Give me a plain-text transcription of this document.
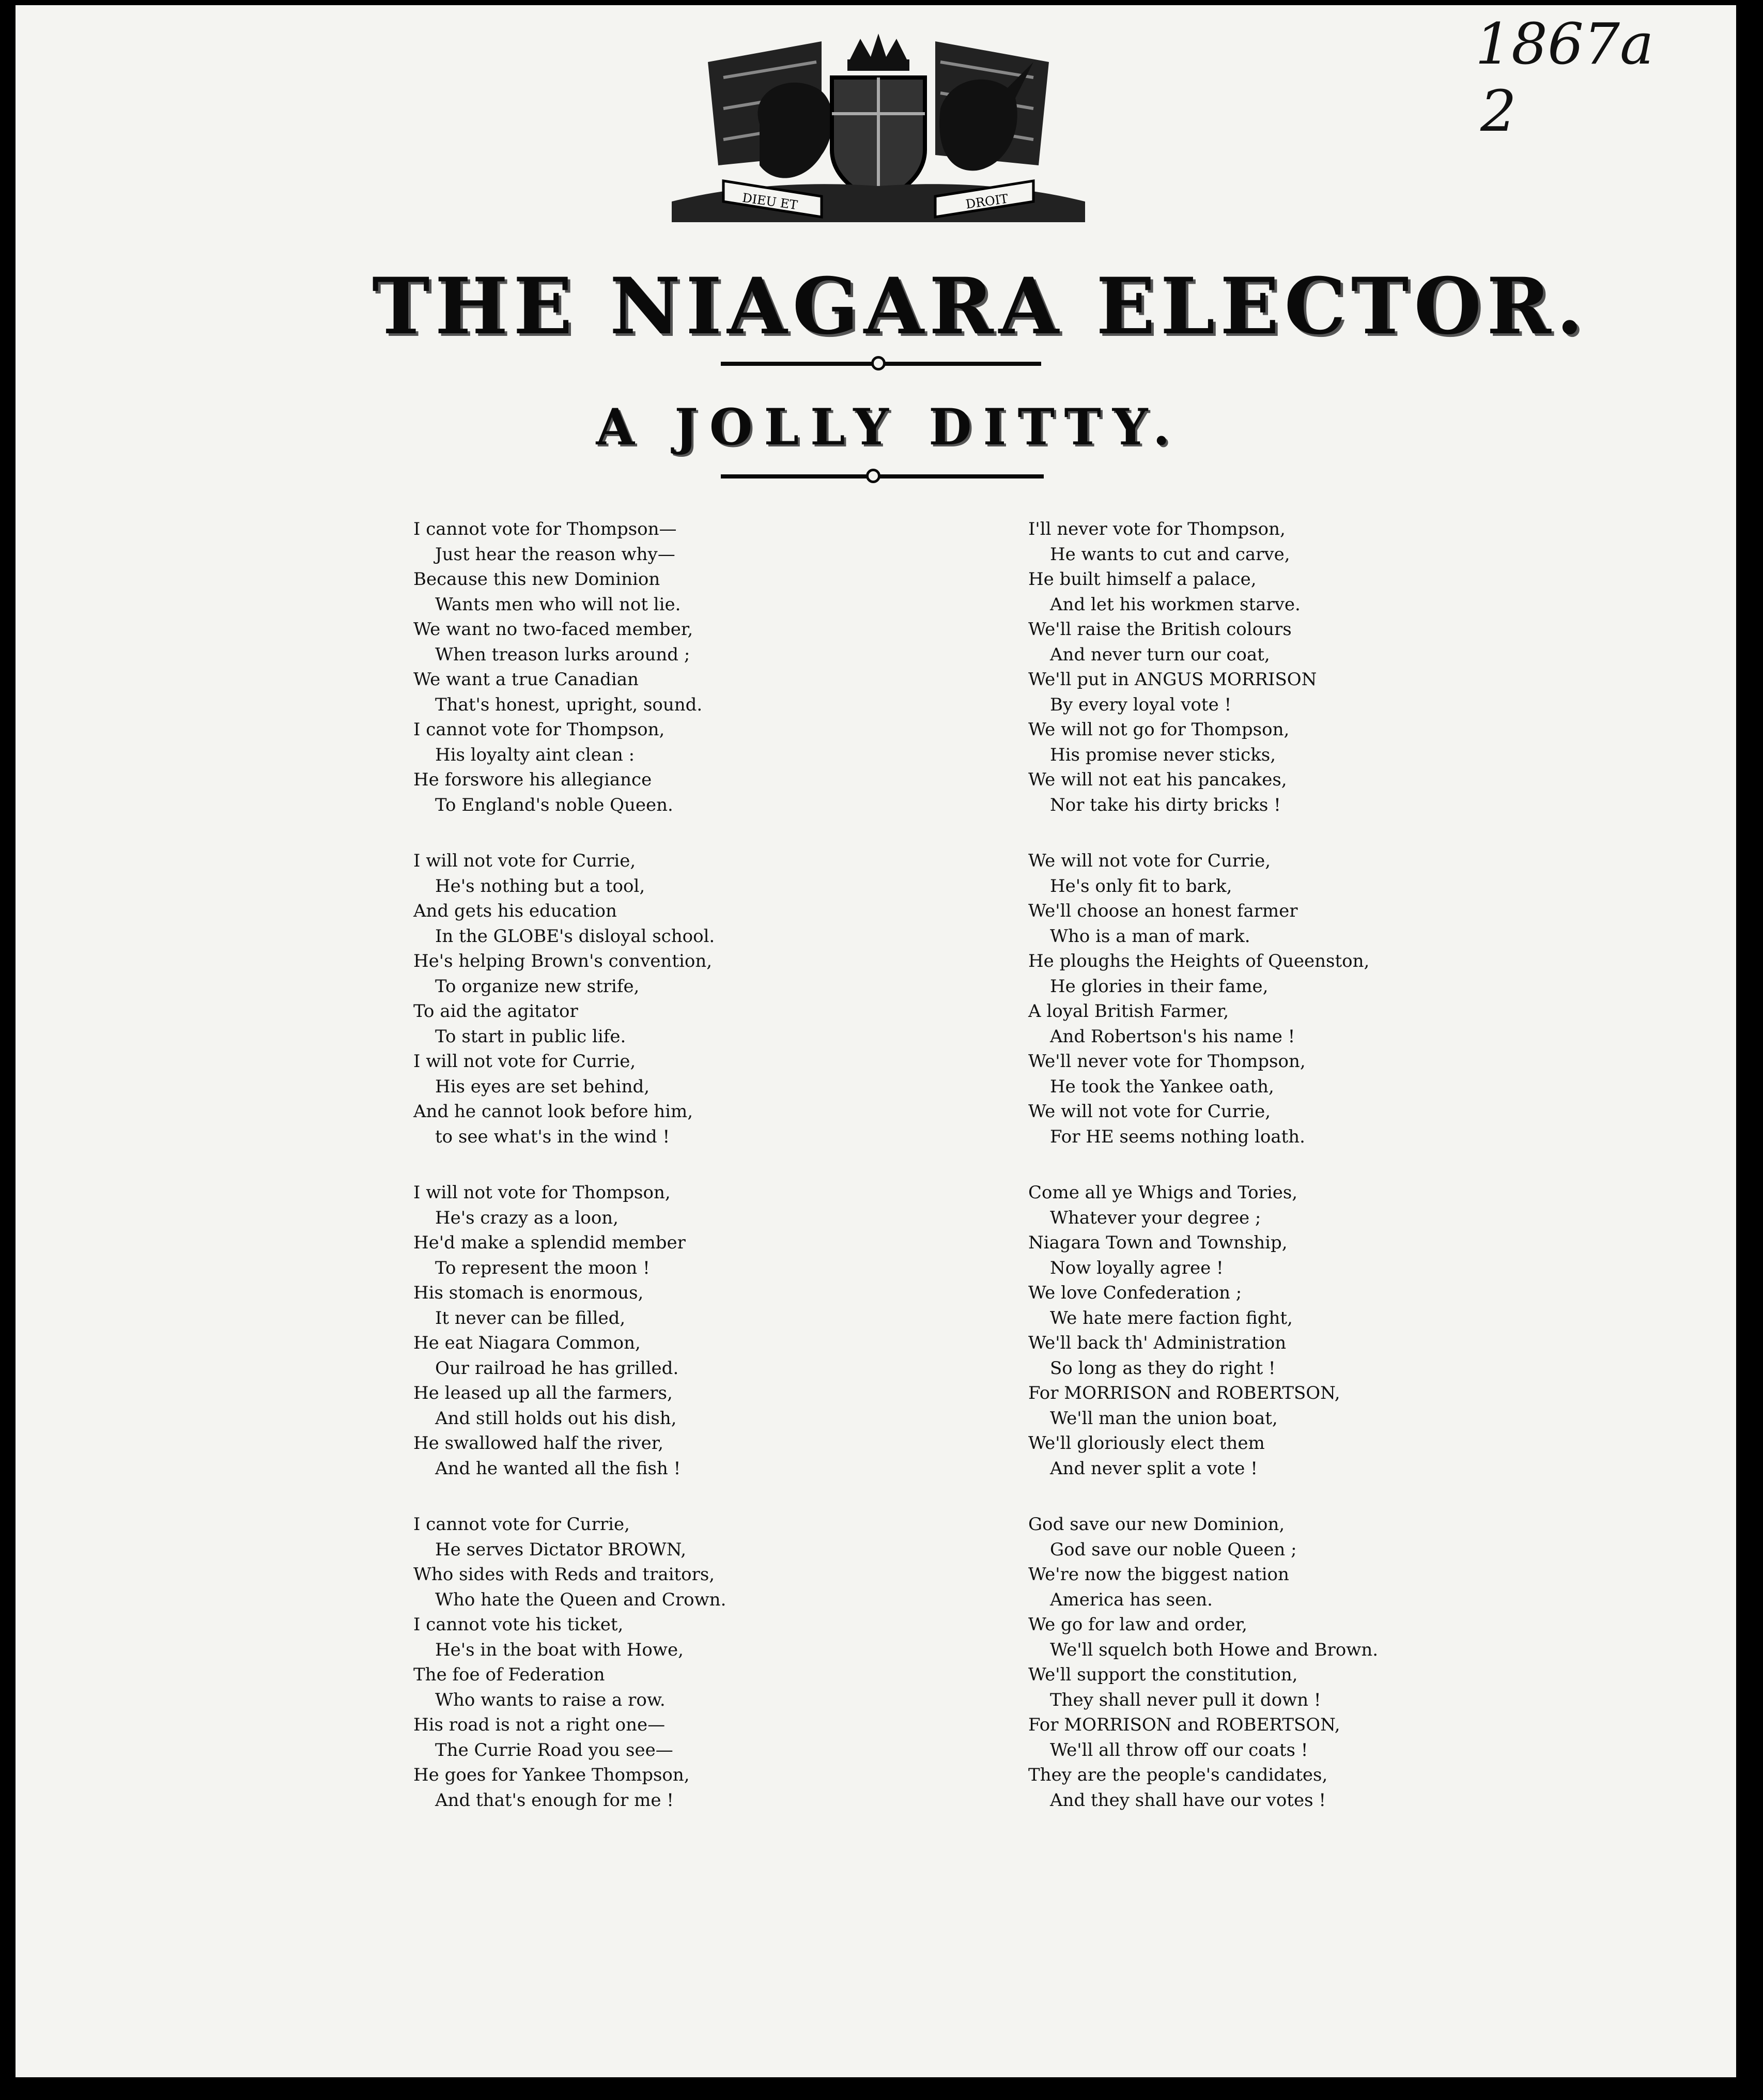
1867a
2
DIEU ET	DROIT
THE NIAGARA ELECTOR.
A JOLLY DITTY.
I cannot vote for Thompson—
Just hear the reason why—
Because this new Dominion
Wants men who will not lie.
We want no two-faced member,
When treason lurks around ;
We want a true Canadian
That's honest, upright, sound.
I cannot vote for Thompson,
His loyalty aint clean :
He forswore his allegiance
To England's noble Queen.
I will not vote for Currie,
He's nothing but a tool,
And gets his education
In the GLOBE's disloyal school.
He's helping Brown's convention,
To organize new strife,
To aid the agitator
To start in public life.
I will not vote for Currie,
His eyes are set behind,
And he cannot look before him,
to see what's in the wind !
I will not vote for Thompson,
He's crazy as a loon,
He'd make a splendid member
To represent the moon !
His stomach is enormous,
It never can be filled,
He eat Niagara Common,
Our railroad he has grilled.
He leased up all the farmers,
And still holds out his dish,
He swallowed half the river,
And he wanted all the fish !
I cannot vote for Currie,
He serves Dictator BROWN,
Who sides with Reds and traitors,
Who hate the Queen and Crown.
I cannot vote his ticket,
He's in the boat with Howe,
The foe of Federation
Who wants to raise a row.
His road is not a right one—
The Currie Road you see—
He goes for Yankee Thompson,
And that's enough for me !
I'll never vote for Thompson,
He wants to cut and carve,
He built himself a palace,
And let his workmen starve.
We'll raise the British colours
And never turn our coat,
We'll put in ANGUS MORRISON
By every loyal vote !
We will not go for Thompson,
His promise never sticks,
We will not eat his pancakes,
Nor take his dirty bricks !
We will not vote for Currie,
He's only fit to bark,
We'll choose an honest farmer
Who is a man of mark.
He ploughs the Heights of Queenston,
He glories in their fame,
A loyal British Farmer,
And Robertson's his name !
We'll never vote for Thompson,
He took the Yankee oath,
We will not vote for Currie,
For HE seems nothing loath.
Come all ye Whigs and Tories,
Whatever your degree ;
Niagara Town and Township,
Now loyally agree !
We love Confederation ;
We hate mere faction fight,
We'll back th' Administration
So long as they do right !
For MORRISON and ROBERTSON,
We'll man the union boat,
We'll gloriously elect them
And never split a vote !
God save our new Dominion,
God save our noble Queen ;
We're now the biggest nation
America has seen.
We go for law and order,
We'll squelch both Howe and Brown.
We'll support the constitution,
They shall never pull it down !
For MORRISON and ROBERTSON,
We'll all throw off our coats !
They are the people's candidates,
And they shall have our votes !
